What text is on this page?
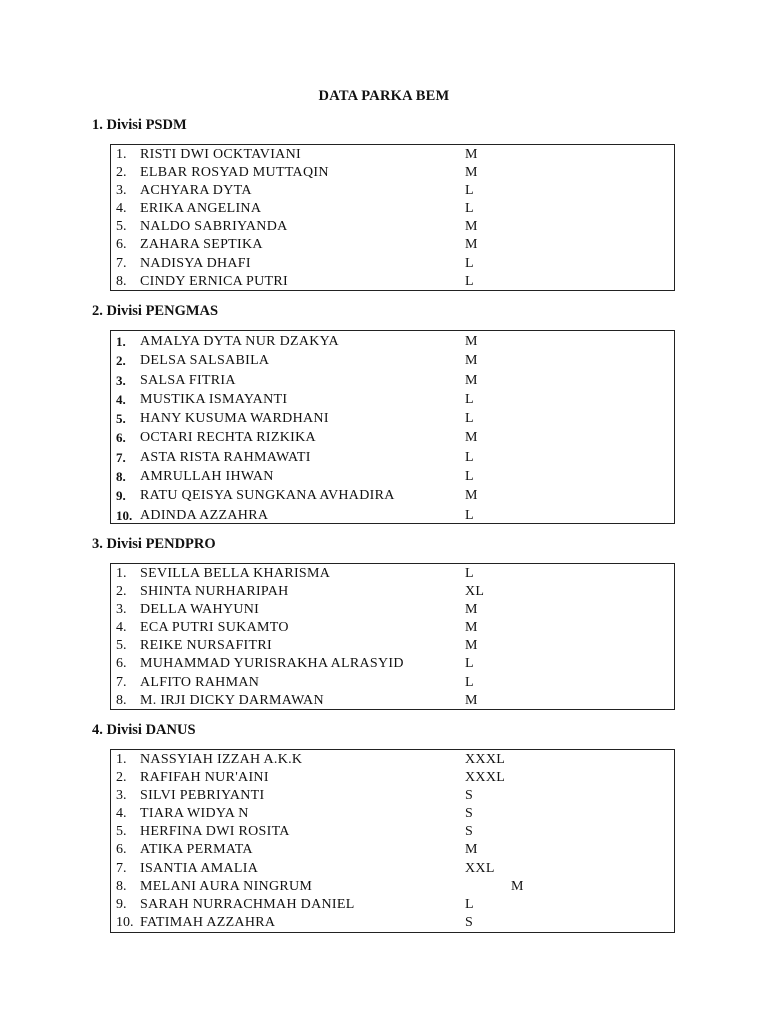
DATA PARKA BEM
1. Divisi PSDM
1. RISTI DWI OCKTAVIANI	M
2. ELBAR ROSYAD MUTTAQIN	M
3. ACHYARA DYTA	L
4. ERIKA ANGELINA	L
5. NALDO SABRIYANDA	M
6. ZAHARA SEPTIKA	M
7. NADISYA DHAFI	L
8. CINDY ERNICA PUTRI	L
2. Divisi PENGMAS
1.	AMALYA DYTA NUR DZAKYA	M
2.	DELSA SALSABILA	M
3.	SALSA FITRIA	M
4.	MUSTIKA ISMAYANTI	L
5.	HANY KUSUMA WARDHANI	L
6.	OCTARI RECHTA RIZKIKA	M
7.	ASTA RISTA RAHMAWATI	L
8.	AMRULLAH IHWAN	L
9.	RATU QEISYA SUNGKANA AVHADIRA	M
10. ADINDA AZZAHRA	L
3. Divisi PENDPRO
1. SEVILLA BELLA KHARISMA	L
2. SHINTA NURHARIPAH	XL
3. DELLA WAHYUNI	M
4. ECA PUTRI SUKAMTO	M
5. REIKE NURSAFITRI	M
6. MUHAMMAD YURISRAKHA ALRASYID	L
7. ALFITO RAHMAN	L
8. M. IRJI DICKY DARMAWAN	M
4. Divisi DANUS
1. NASSYIAH IZZAH A.K.K	XXXL
2. RAFIFAH NUR'AINI	XXXL
3. SILVI PEBRIYANTI	S
4. TIARA WIDYA N	S
5. HERFINA DWI ROSITA	S
6. ATIKA PERMATA	M
7. ISANTIA AMALIA	XXL
8. MELANI AURA NINGRUM	M
9. SARAH NURRACHMAH DANIEL	L
10. FATIMAH AZZAHRA	S
